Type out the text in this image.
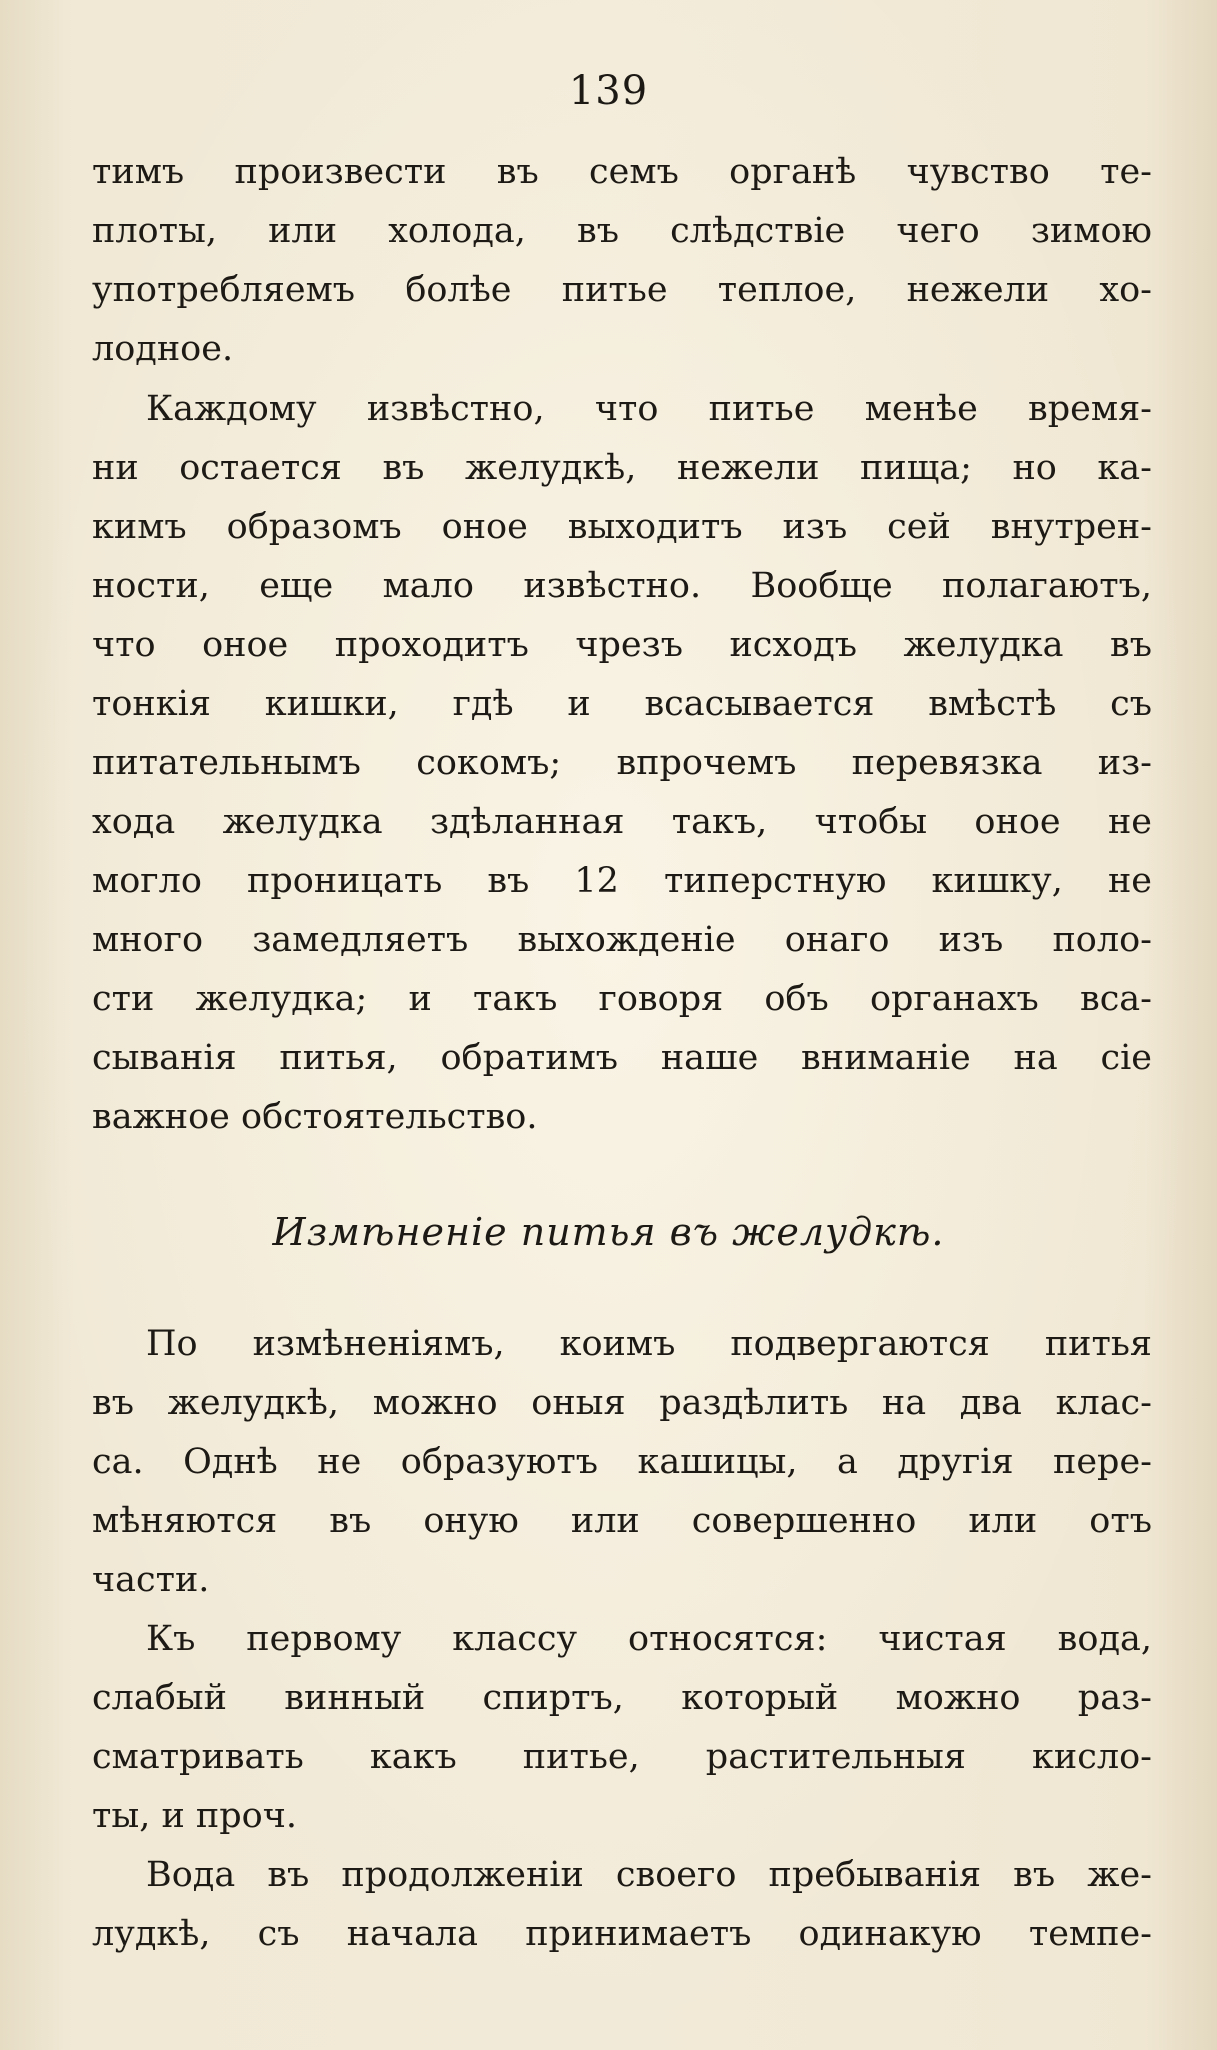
139
тимъ произвести въ семъ органѣ чувство те-
плоты, или холода, въ слѣдствіе чего зимою
употребляемъ болѣе питье теплое, нежели хо-
лодное.
Каждому извѣстно, что питье менѣе время-
ни остается въ желудкѣ, нежели пища; но ка-
кимъ образомъ оное выходитъ изъ сей внутрен-
ности, еще мало извѣстно. Вообще полагаютъ,
что оное проходитъ чрезъ исходъ желудка въ
тонкія кишки, гдѣ и всасывается вмѣстѣ съ
питательнымъ сокомъ; впрочемъ перевязка из-
хода желудка здѣланная такъ, чтобы оное не
могло проницать въ 12 типерстную кишку, не
много замедляетъ выхожденіе онаго изъ поло-
сти желудка; и такъ говоря объ органахъ вса-
сыванія питья, обратимъ наше вниманіе на сіе
важное обстоятельство.
Измѣненіе питья въ желудкѣ.
По измѣненіямъ, коимъ подвергаются питья
въ желудкѣ, можно оныя раздѣлить на два клас-
са. Однѣ не образуютъ кашицы, а другія пере-
мѣняются въ оную или совершенно или отъ
части.
Къ первому классу относятся: чистая вода,
слабый винный спиртъ, который можно раз-
сматривать какъ питье, растительныя кисло-
ты, и проч.
Вода въ продолженіи своего пребыванія въ же-
лудкѣ, съ начала принимаетъ одинакую темпе-
